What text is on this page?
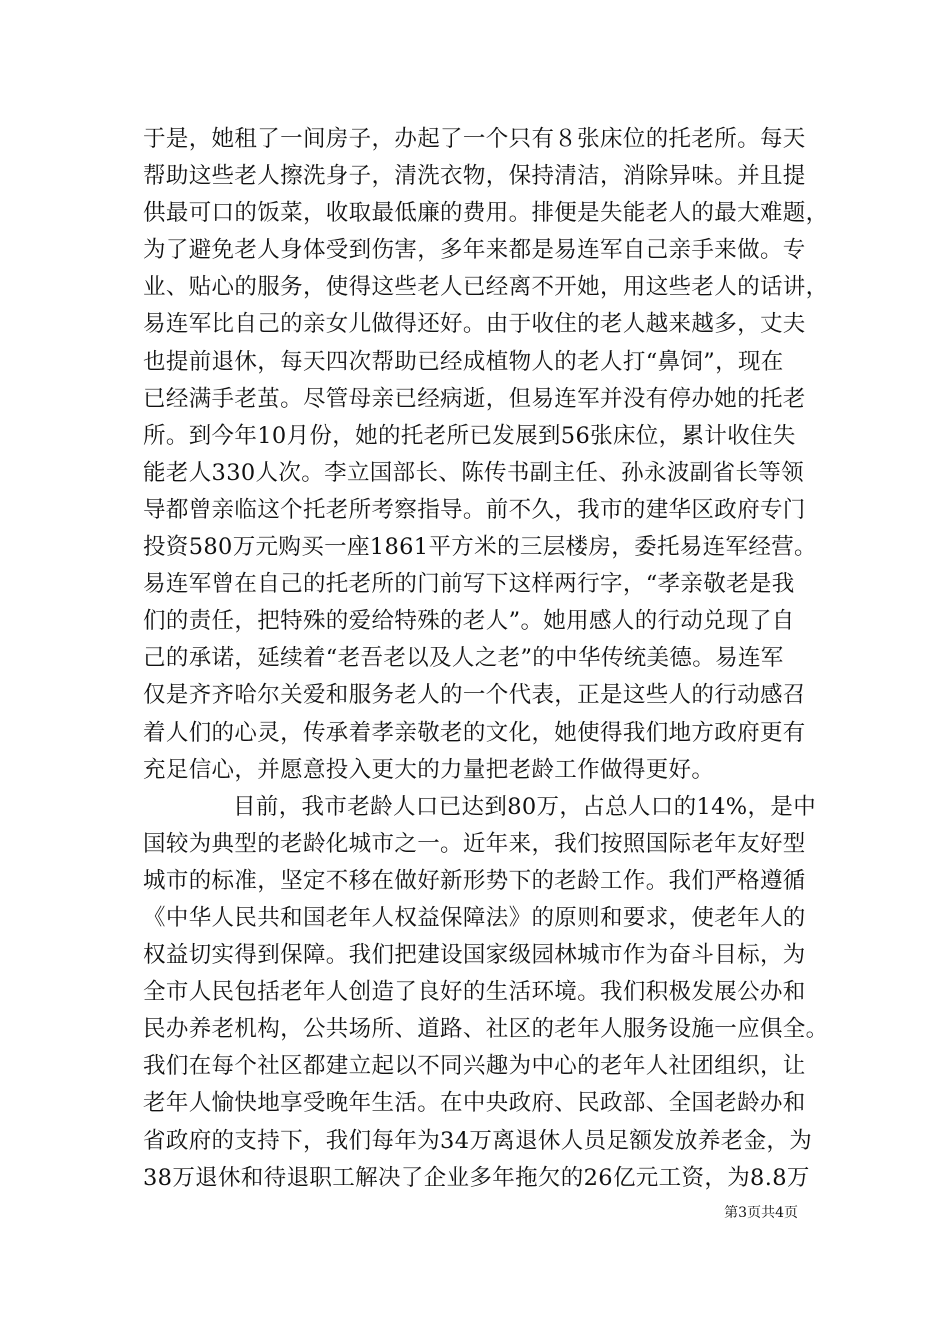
于是，她租了一间房子，办起了一个只有８张床位的托老所。每天
帮助这些老人擦洗身子，清洗衣物，保持清洁，消除异味。并且提
供最可口的饭菜，收取最低廉的费用。排便是失能老人的最大难题，
为了避免老人身体受到伤害，多年来都是易连军自己亲手来做。专
业、贴心的服务，使得这些老人已经离不开她，用这些老人的话讲，
易连军比自己的亲女儿做得还好。由于收住的老人越来越多，丈夫
也提前退休，每天四次帮助已经成植物人的老人打“鼻饲”，现在
已经满手老茧。尽管母亲已经病逝，但易连军并没有停办她的托老
所。到今年10月份，她的托老所已发展到56张床位，累计收住失
能老人330人次。李立国部长、陈传书副主任、孙永波副省长等领
导都曾亲临这个托老所考察指导。前不久，我市的建华区政府专门
投资580万元购买一座1861平方米的三层楼房，委托易连军经营。
易连军曾在自己的托老所的门前写下这样两行字，“孝亲敬老是我
们的责任，把特殊的爱给特殊的老人”。她用感人的行动兑现了自
己的承诺，延续着“老吾老以及人之老”的中华传统美德。易连军
仅是齐齐哈尔关爱和服务老人的一个代表，正是这些人的行动感召
着人们的心灵，传承着孝亲敬老的文化，她使得我们地方政府更有
充足信心，并愿意投入更大的力量把老龄工作做得更好。
目前，我市老龄人口已达到80万，占总人口的14%，是中
国较为典型的老龄化城市之一。近年来，我们按照国际老年友好型
城市的标准，坚定不移在做好新形势下的老龄工作。我们严格遵循
《中华人民共和国老年人权益保障法》的原则和要求，使老年人的
权益切实得到保障。我们把建设国家级园林城市作为奋斗目标，为
全市人民包括老年人创造了良好的生活环境。我们积极发展公办和
民办养老机构，公共场所、道路、社区的老年人服务设施一应俱全。
我们在每个社区都建立起以不同兴趣为中心的老年人社团组织，让
老年人愉快地享受晚年生活。在中央政府、民政部、全国老龄办和
省政府的支持下，我们每年为34万离退休人员足额发放养老金，为
38万退休和待退职工解决了企业多年拖欠的26亿元工资，为8.8万
第3页共4页
